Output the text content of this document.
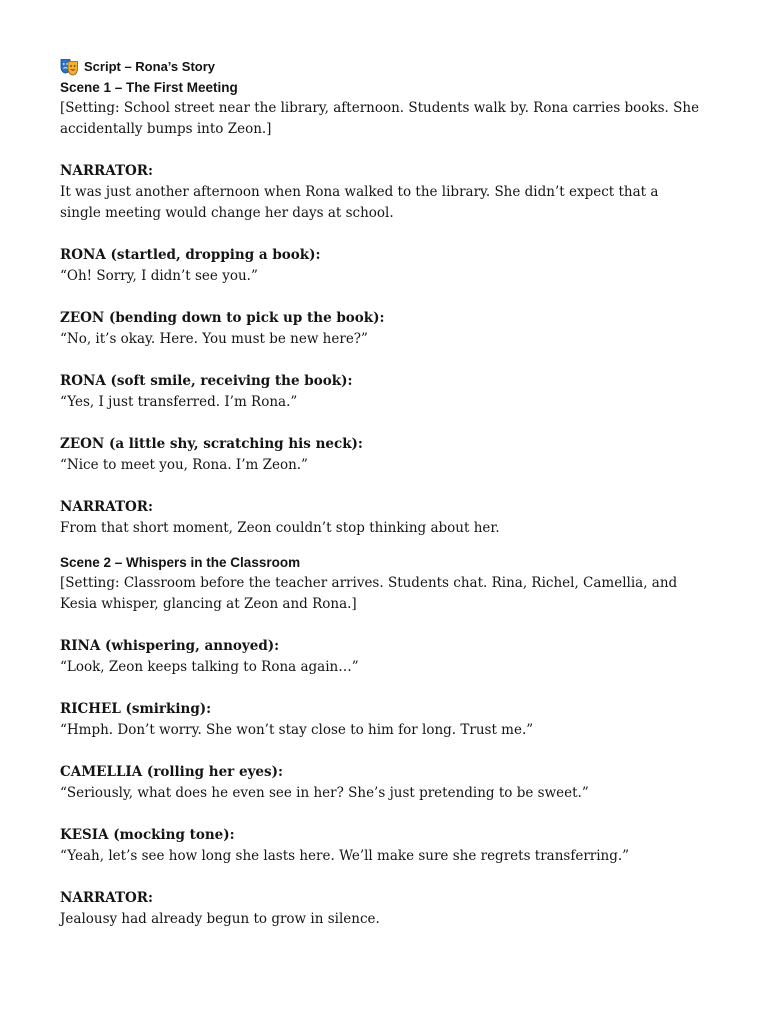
Script – Rona’s Story
Scene 1 – The First Meeting
[Setting: School street near the library, afternoon. Students walk by. Rona carries books. She accidentally bumps into Zeon.]
NARRATOR:
It was just another afternoon when Rona walked to the library. She didn’t expect that a single meeting would change her days at school.
RONA (startled, dropping a book):
“Oh! Sorry, I didn’t see you.”
ZEON (bending down to pick up the book):
“No, it’s okay. Here. You must be new here?”
RONA (soft smile, receiving the book):
“Yes, I just transferred. I’m Rona.”
ZEON (a little shy, scratching his neck):
“Nice to meet you, Rona. I’m Zeon.”
NARRATOR:
From that short moment, Zeon couldn’t stop thinking about her.
Scene 2 – Whispers in the Classroom
[Setting: Classroom before the teacher arrives. Students chat. Rina, Richel, Camellia, and Kesia whisper, glancing at Zeon and Rona.]
RINA (whispering, annoyed):
“Look, Zeon keeps talking to Rona again…”
RICHEL (smirking):
“Hmph. Don’t worry. She won’t stay close to him for long. Trust me.”
CAMELLIA (rolling her eyes):
“Seriously, what does he even see in her? She’s just pretending to be sweet.”
KESIA (mocking tone):
“Yeah, let’s see how long she lasts here. We’ll make sure she regrets transferring.”
NARRATOR:
Jealousy had already begun to grow in silence.
